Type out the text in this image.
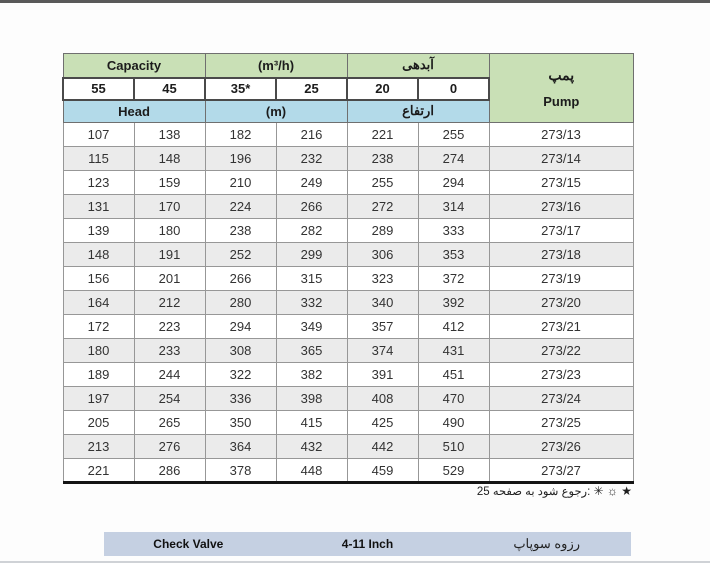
Capacity		(m³/h)		آبدهی		پمپ
Pump

55	45	35*	25	20	0	
Head		(m)		ارتفاع		
107	138	182	216	221	255	273/13
115	148	196	232	238	274	273/14
123	159	210	249	255	294	273/15
131	170	224	266	272	314	273/16
139	180	238	282	289	333	273/17
148	191	252	299	306	353	273/18
156	201	266	315	323	372	273/19
164	212	280	332	340	392	273/20
172	223	294	349	357	412	273/21
180	233	308	365	374	431	273/22
189	244	322	382	391	451	273/23
197	254	336	398	408	470	273/24
205	265	350	415	425	490	273/25
213	276	364	432	442	510	273/26
221	286	378	448	459	529	273/27
★ ☼ ✳ :رجوع شود به صفحه 25
Check Valve	4-11 Inch	رزوه سوپاپ
